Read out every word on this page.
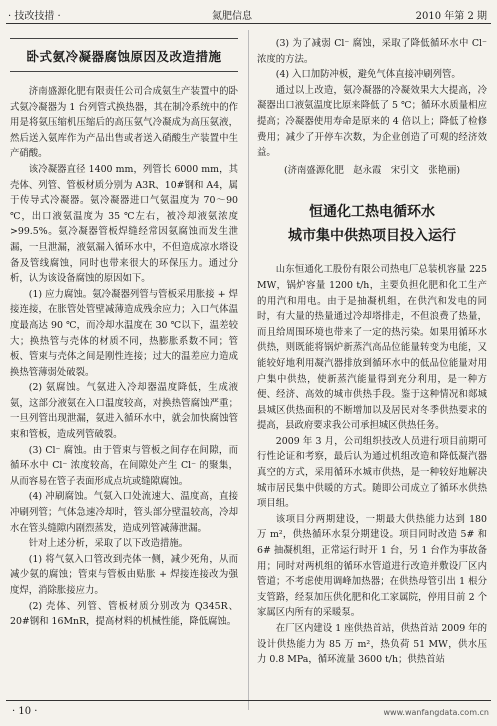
· 技改技措 ·	氮肥信息	2010 年第 2 期
卧式氨冷凝器腐蚀原因及改造措施

济南盛源化肥有限责任公司合成氨生产装置中的卧式氨冷凝器为 1 台列管式换热器，其在制冷系统中的作用是将氨压缩机压缩后的高压氨气冷凝成为高压氨液，然后送入氨库作为产品出售或者送入硝酸生产装置中生产硝酸。

该冷凝器直径 1400 mm，列管长 6000 mm，其壳体、列管、管板材质分别为 A3R、10#钢和 A4，属于传导式冷凝器。氨冷凝器进口气氨温度为 70～90 ℃，出口液氨温度为 35 ℃左右，被冷却液氨浓度 >99.5%。氨冷凝器管板焊缝经常因氨腐蚀而发生泄漏，一旦泄漏，液氨漏入循环水中，不但造成凉水塔设备及管线腐蚀，同时也带来很大的环保压力。通过分析，认为该设备腐蚀的原因如下。

(1) 应力腐蚀。氨冷凝器列管与管板采用胀接 + 焊接连接，在胀管处管壁减薄造成残余应力；入口气体温度最高达 90 ℃，而冷却水温度在 30 ℃以下，温差较大；换热管与壳体的材质不同，热膨胀系数不同；管板、管束与壳体之间是刚性连接；过大的温差应力造成换热管薄弱处破裂。

(2) 氨腐蚀。气氨进入冷却器温度降低，生成液氨，这部分液氨在入口温度较高，对换热管腐蚀严重；一旦列管出现泄漏，氨进入循环水中，就会加快腐蚀管束和管板，造成列管破裂。

(3) Cl⁻ 腐蚀。由于管束与管板之间存在间隙，而循环水中 Cl⁻ 浓度较高，在间隙处产生 Cl⁻ 的聚集，从而容易在管子表面形成点坑或缝隙腐蚀。

(4) 冲刷腐蚀。气氨入口处流速大、温度高，直接冲刷列管；气体急速冷却时，管头部分壁温较高，冷却水在管头缝隙内剧烈蒸发，造成列管减薄泄漏。

针对上述分析，采取了以下改造措施。

(1) 将气氨入口管改到壳体一侧，减少死角，从而减少氨的腐蚀；管束与管板由贴胀 + 焊接连接改为强度焊，消除胀接应力。

(2) 壳体、列管、管板材质分别改为 Q345R、20#钢和 16MnR，提高材料的机械性能，降低腐蚀。

(3) 为了减弱 Cl⁻ 腐蚀，采取了降低循环水中 Cl⁻ 浓度的方法。

(4) 入口加防冲板，避免气体直接冲刷列管。

通过以上改造，氨冷凝器的冷凝效果大大提高，冷凝器出口液氨温度比原来降低了 5 ℃；循环水质量相应提高；冷凝器使用寿命是原来的 4 倍以上；降低了检修费用；减少了开停车次数，为企业创造了可观的经济效益。

(济南盛源化肥　赵永霞　宋引文　张艳丽)
恒通化工热电循环水
城市集中供热项目投入运行

山东恒通化工股份有限公司热电厂总装机容量 225 MW，锅炉容量 1200 t/h，主要负担化肥和化工生产的用汽和用电。由于是抽凝机组，在供汽和发电的同时，有大量的热量通过冷却塔排走，不但浪费了热量，而且给周围环境也带来了一定的热污染。如果用循环水供热，则既能将锅炉新蒸汽高品位能量转变为电能，又能较好地利用凝汽器排放到循环水中的低品位能量对用户集中供热，使新蒸汽能量得到充分利用，是一种方便、经济、高效的城市供热手段。鉴于这种情况和郯城县城区供热面积的不断增加以及居民对冬季供热要求的提高，县政府要求我公司承担城区供热任务。

2009 年 3 月，公司组织技改人员进行项目前期可行性论证和考察，最后认为通过机组改造和降低凝汽器真空的方式，采用循环水城市供热，是一种较好地解决城市居民集中供暖的方式。随即公司成立了循环水供热项目组。

该项目分两期建设，一期最大供热能力达到 180 万 m²，供热循环水泵分期建设。项目同时改造 5# 和 6# 抽凝机组，正常运行时开 1 台，另 1 台作为事故备用；同时对两机组的循环水管道进行改造并敷设厂区内管道；不考虑使用调峰加热器；在供热母管引出 1 根分支管路，经泵加压供化肥和化工家属院，停用目前 2 个家属区内所有的采暖泵。

在厂区内建设 1 座供热首站，供热首站 2009 年的设计供热能力为 85 万 m²，热负荷 51 MW，供水压力 0.8 MPa，循环流量 3600 t/h；供热首站

· 10 ·	www.wanfangdata.com.cn
